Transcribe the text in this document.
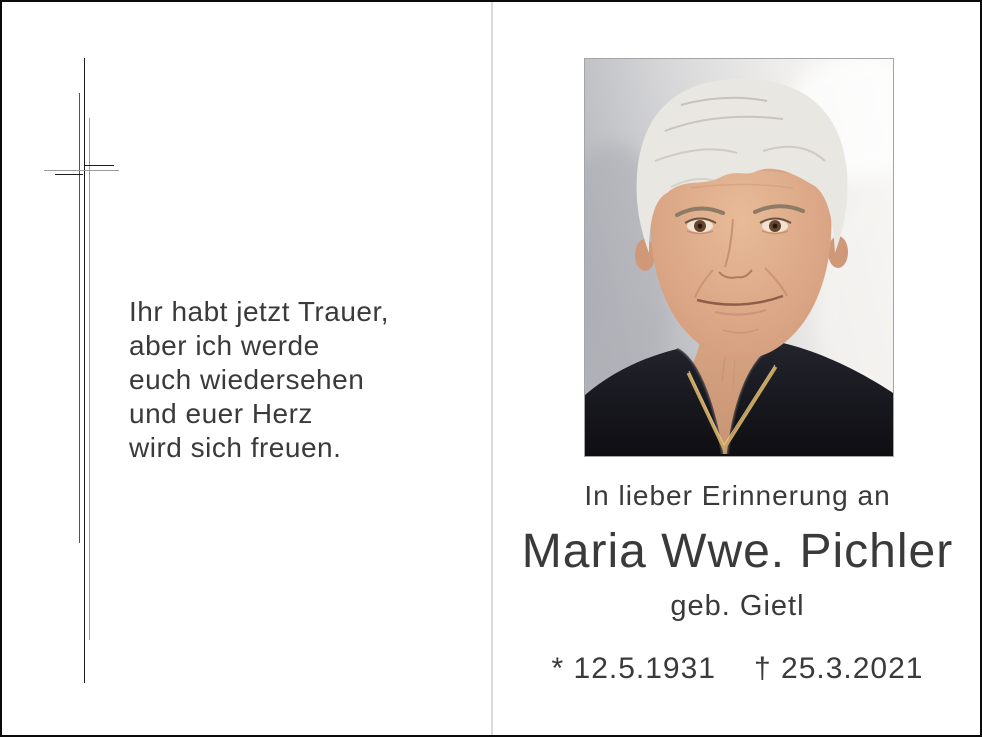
Ihr habt jetzt Trauer,
aber ich werde
euch wiedersehen
und euer Herz
wird sich freuen.
In lieber Erinnerung an
Maria Wwe. Pichler
geb. Gietl
* 12.5.1931 † 25.3.2021
